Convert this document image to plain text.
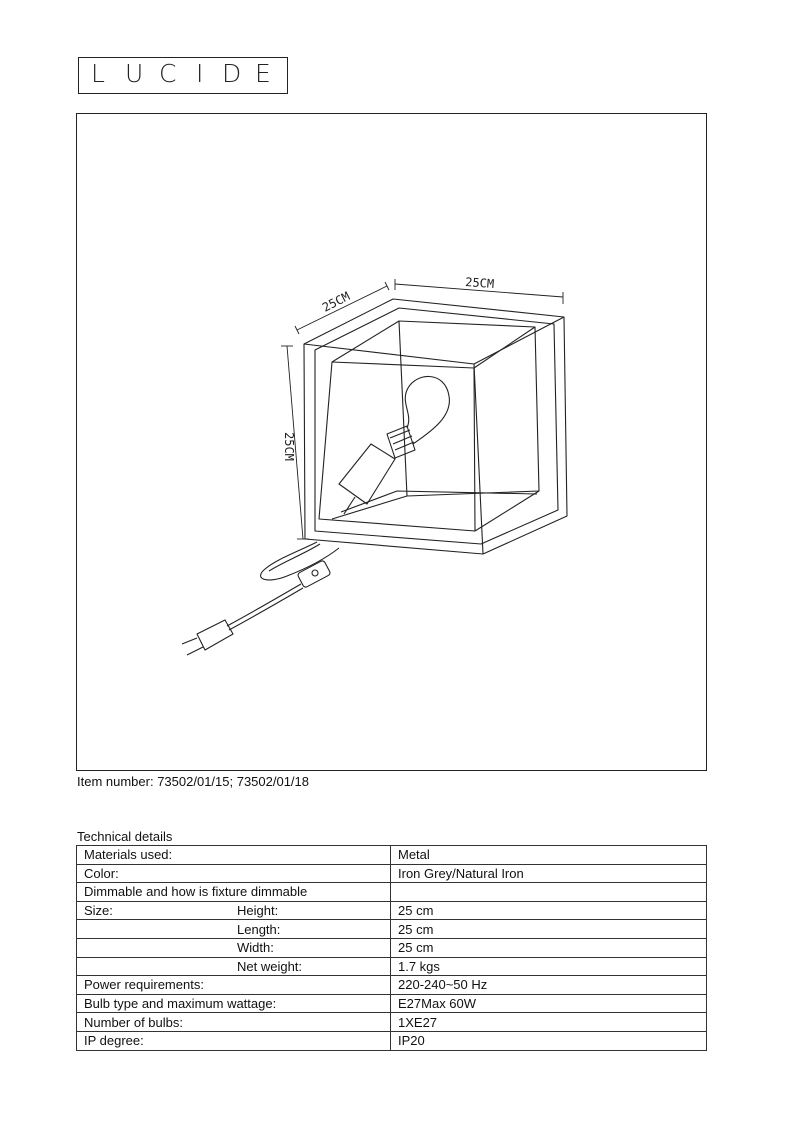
L U C I D E
25CM
25CM
25CM
Item number: 73502/01/15; 73502/01/18
Technical details
Materials used:	Metal
Color:	Iron Grey/Natural Iron
Dimmable and how is fixture dimmable	
Size: Height:	25 cm
Length:	25 cm
Width:	25 cm
Net weight:	1.7 kgs
Power requirements:	220-240~50 Hz
Bulb type and maximum wattage:	E27Max 60W
Number of bulbs:	1XE27
IP degree:	IP20
